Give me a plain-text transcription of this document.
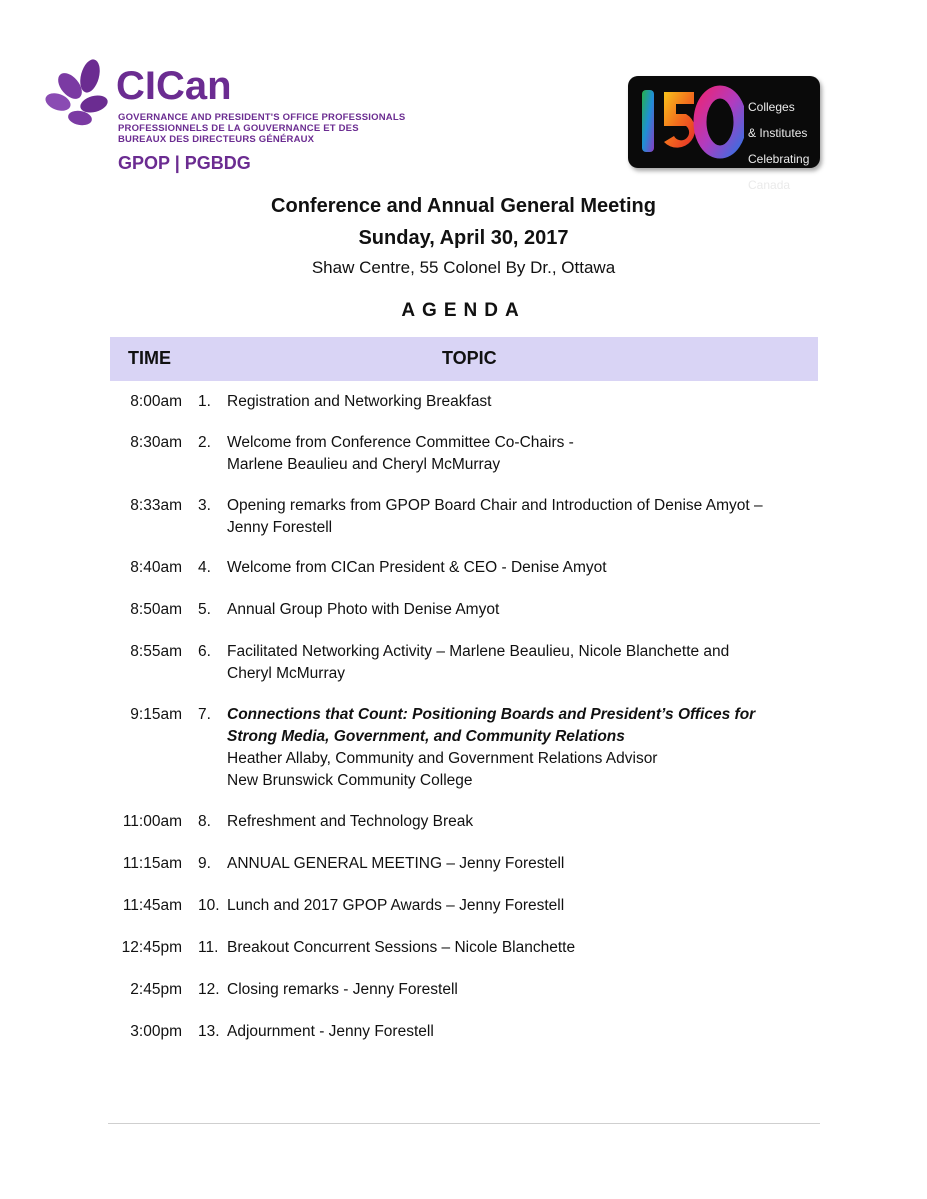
CICan
GOVERNANCE AND PRESIDENT'S OFFICE PROFESSIONALS
PROFESSIONNELS DE LA GOUVERNANCE ET DES
BUREAUX DES DIRECTEURS GÉNÉRAUX
GPOP | PGBDG

Colleges

& Institutes

Celebrating

Canada

Conference and Annual General Meeting
Sunday, April 30, 2017
Shaw Centre, 55 Colonel By Dr., Ottawa
AGENDA
TIME	TOPIC
8:00am 1. Registration and Networking Breakfast
8:30am 2. Welcome from Conference Committee Co-Chairs -
Marlene Beaulieu and Cheryl McMurray
8:33am 3. Opening remarks from GPOP Board Chair and Introduction of Denise Amyot –
Jenny Forestell
8:40am 4. Welcome from CICan President & CEO - Denise Amyot
8:50am 5. Annual Group Photo with Denise Amyot
8:55am 6. Facilitated Networking Activity – Marlene Beaulieu, Nicole Blanchette and
Cheryl McMurray
9:15am 7. Connections that Count: Positioning Boards and President’s Offices for
Strong Media, Government, and Community Relations
Heather Allaby, Community and Government Relations Advisor
New Brunswick Community College
11:00am 8. Refreshment and Technology Break
11:15am 9. ANNUAL GENERAL MEETING – Jenny Forestell
11:45am 10. Lunch and 2017 GPOP Awards – Jenny Forestell
12:45pm 11. Breakout Concurrent Sessions – Nicole Blanchette
2:45pm 12. Closing remarks - Jenny Forestell
3:00pm 13. Adjournment - Jenny Forestell
